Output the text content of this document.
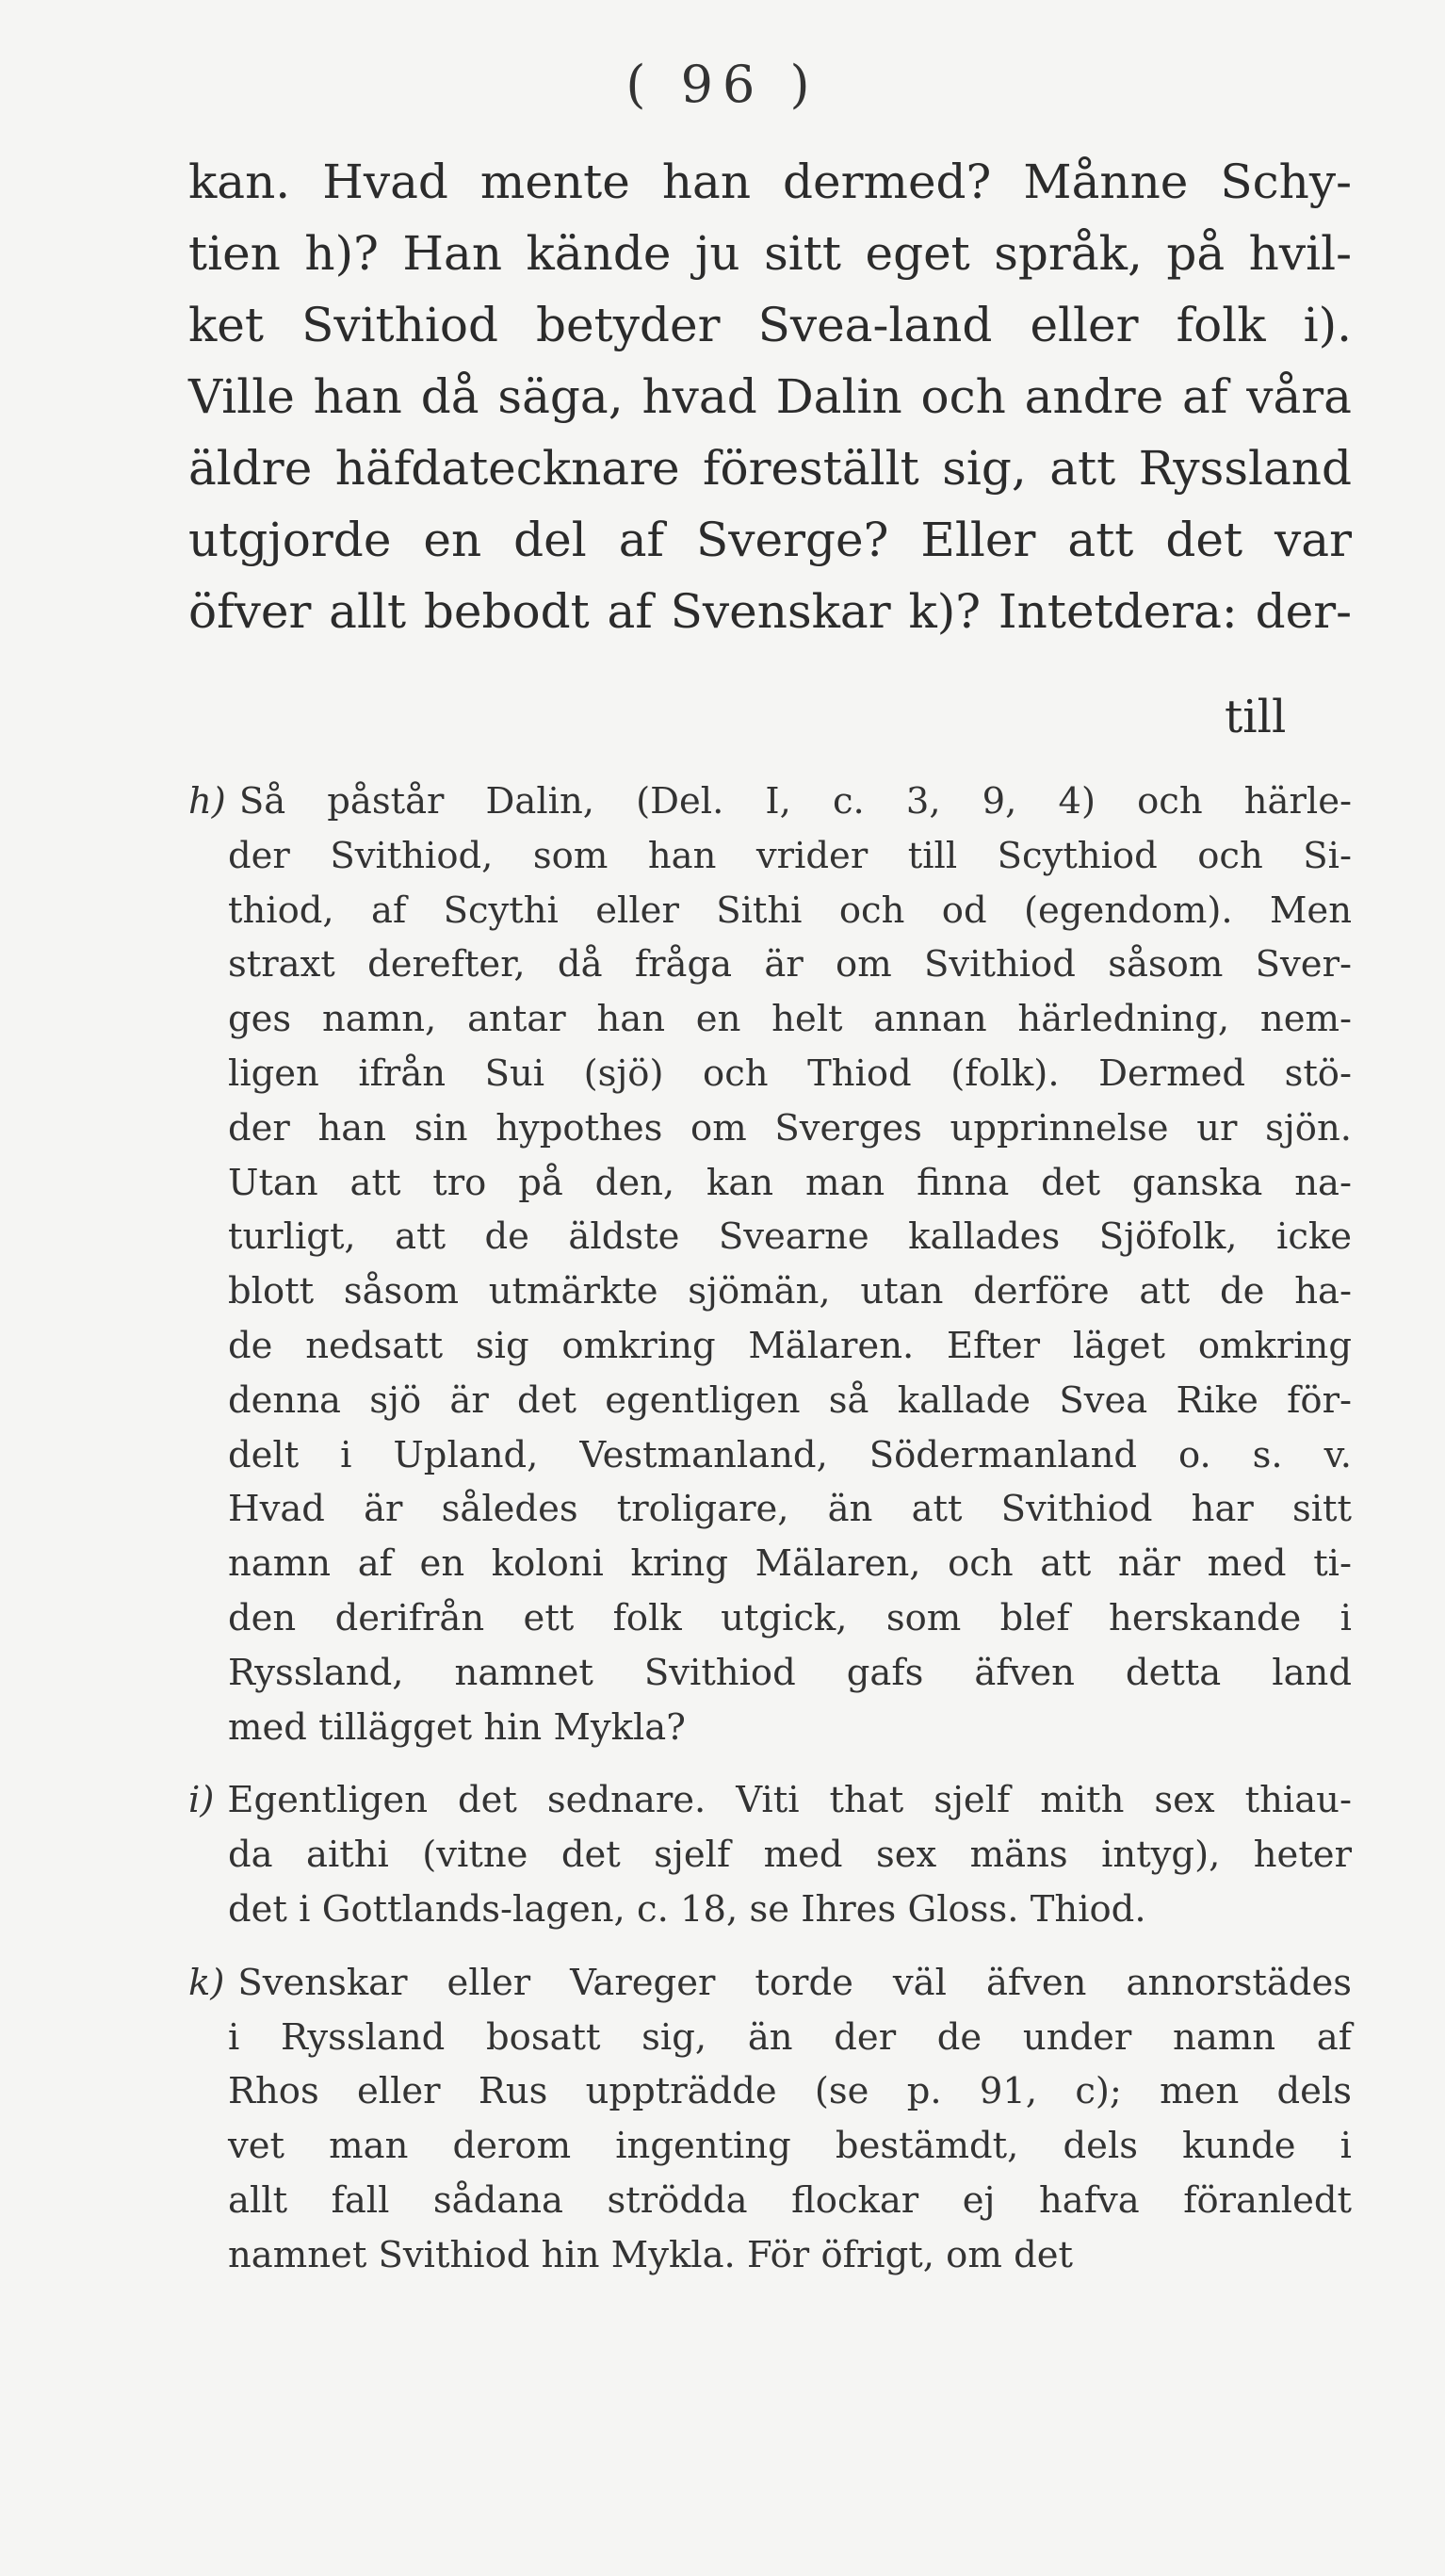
( 96 )
kan. Hvad mente han dermed? Månne Schy-
tien h)? Han kände ju sitt eget språk, på hvil-
ket Svithiod betyder Svea-land eller folk i).
Ville han då säga, hvad Dalin och andre af våra
äldre häfdatecknare föreställt sig, att Ryssland
utgjorde en del af Sverge? Eller att det var
öfver allt bebodt af Svenskar k)? Intetdera: der-
till
h) Så påstår Dalin, (Del. I, c. 3, 9, 4) och härle-
der Svithiod, som han vrider till Scythiod och Si-
thiod, af Scythi eller Sithi och od (egendom). Men
straxt derefter, då fråga är om Svithiod såsom Sver-
ges namn, antar han en helt annan härledning, nem-
ligen ifrån Sui (sjö) och Thiod (folk). Dermed stö-
der han sin hypothes om Sverges upprinnelse ur sjön.
Utan att tro på den, kan man finna det ganska na-
turligt, att de äldste Svearne kallades Sjöfolk, icke
blott såsom utmärkte sjömän, utan derföre att de ha-
de nedsatt sig omkring Mälaren. Efter läget omkring
denna sjö är det egentligen så kallade Svea Rike för-
delt i Upland, Vestmanland, Södermanland o. s. v.
Hvad är således troligare, än att Svithiod har sitt
namn af en koloni kring Mälaren, och att när med ti-
den derifrån ett folk utgick, som blef herskande i
Ryssland, namnet Svithiod gafs äfven detta land
med tillägget hin Mykla?
i) Egentligen det sednare. Viti that sjelf mith sex thiau-
da aithi (vitne det sjelf med sex mäns intyg), heter
det i Gottlands-lagen, c. 18, se Ihres Gloss. Thiod.
k) Svenskar eller Vareger torde väl äfven annorstädes
i Ryssland bosatt sig, än der de under namn af
Rhos eller Rus uppträdde (se p. 91, c); men dels
vet man derom ingenting bestämdt, dels kunde i
allt fall sådana strödda flockar ej hafva föranledt
namnet Svithiod hin Mykla. För öfrigt, om det
